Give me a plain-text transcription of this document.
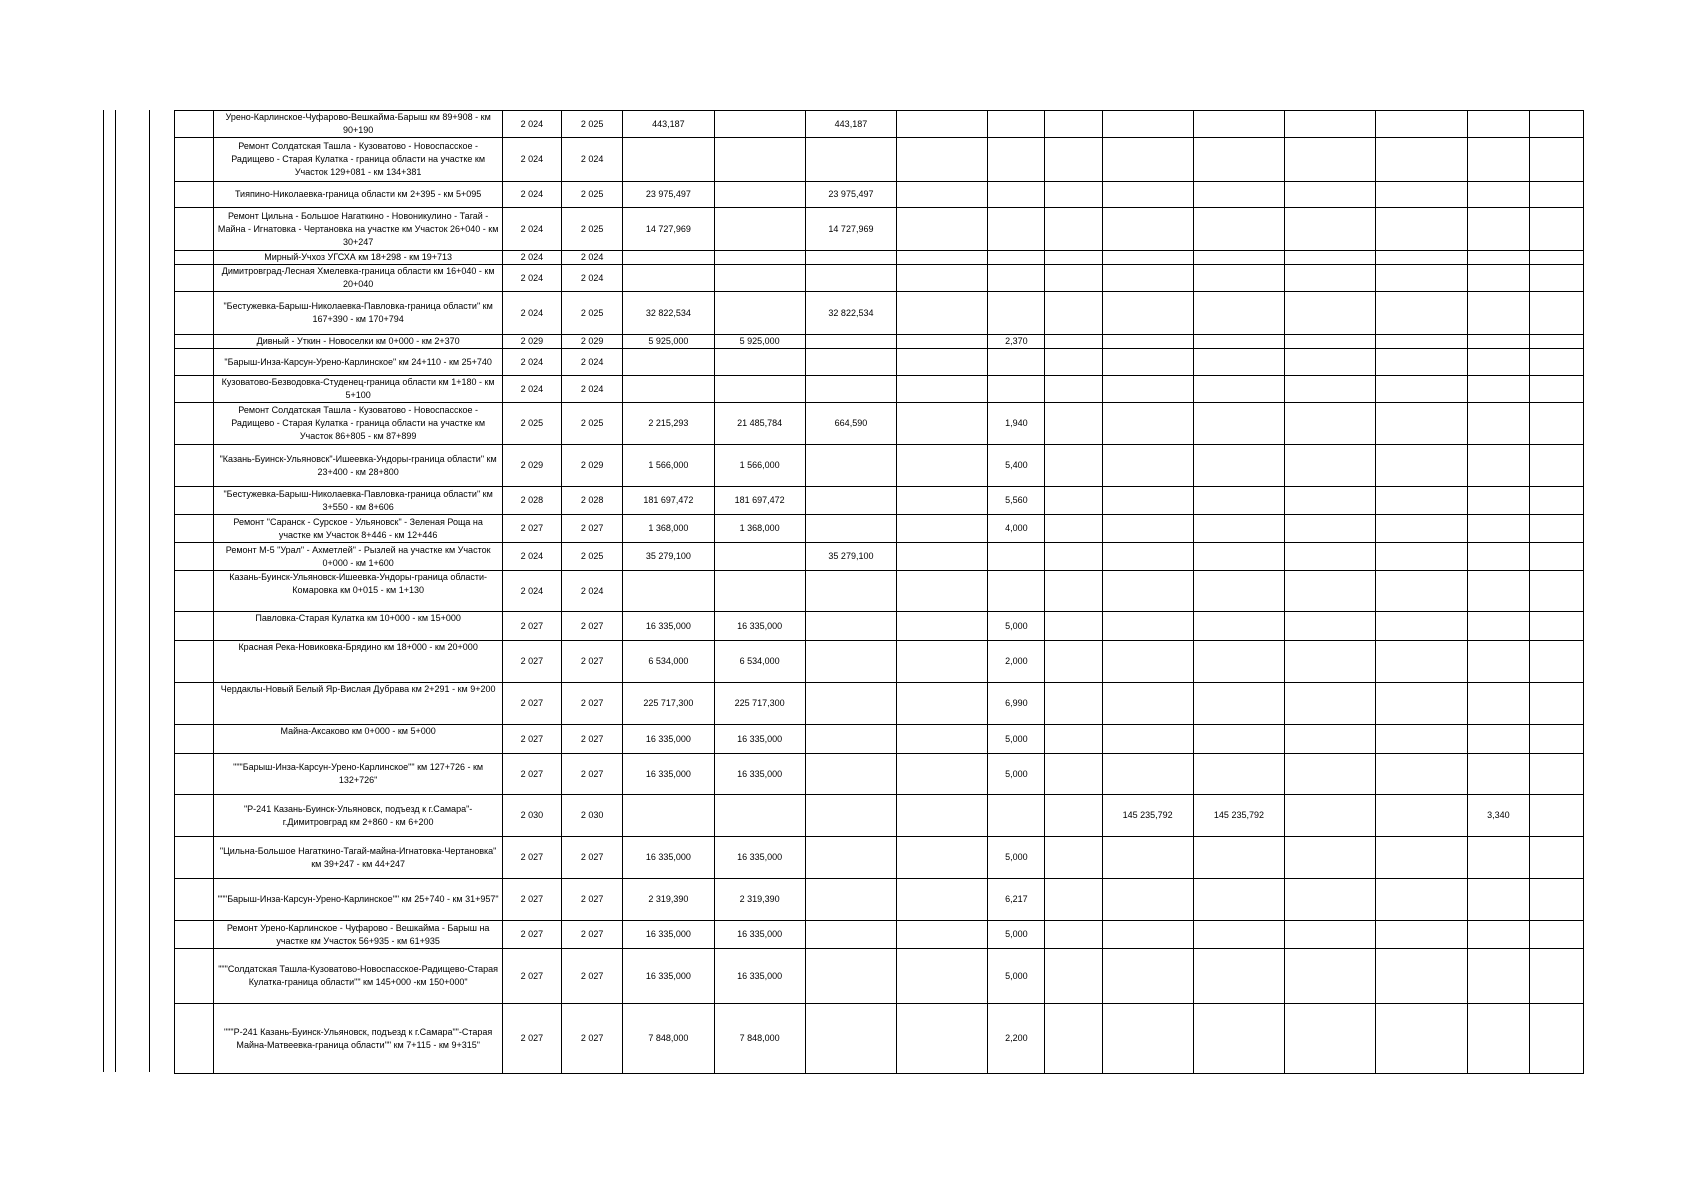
	Урено-Карлинское-Чуфарово-Вешкайма-Барыш км 89+908 - км 90+190	2 024	2 025	443,187		443,187									
	Ремонт Солдатская Ташла - Кузоватово - Новоспасское - Радищево - Старая Кулатка - граница области на участке км Участок 129+081 - км 134+381	2 024	2 024												
	Тияпино-Николаевка-граница области км 2+395 - км 5+095	2 024	2 025	23 975,497		23 975,497									
	Ремонт Цильна - Большое Нагаткино - Новоникулино - Тагай - Майна - Игнатовка - Чертановка на участке км Участок 26+040 - км 30+247	2 024	2 025	14 727,969		14 727,969									
	Мирный-Учхоз УГСХА км 18+298 - км 19+713	2 024	2 024												
	Димитровград-Лесная Хмелевка-граница области км 16+040 - км 20+040	2 024	2 024												
	"Бестужевка-Барыш-Николаевка-Павловка-граница области" км 167+390 - км 170+794	2 024	2 025	32 822,534		32 822,534									
	Дивный - Уткин - Новоселки км 0+000 - км 2+370	2 029	2 029	5 925,000	5 925,000			2,370							
	"Барыш-Инза-Карсун-Урено-Карлинское" км 24+110 - км 25+740	2 024	2 024												
	Кузоватово-Безводовка-Студенец-граница области км 1+180 - км 5+100	2 024	2 024												
	Ремонт Солдатская Ташла - Кузоватово - Новоспасское - Радищево - Старая Кулатка - граница области на участке км Участок 86+805 - км 87+899	2 025	2 025	2 215,293	21 485,784	664,590		1,940							
	"Казань-Буинск-Ульяновск"-Ишеевка-Ундоры-граница области" км 23+400 - км 28+800	2 029	2 029	1 566,000	1 566,000			5,400							
	"Бестужевка-Барыш-Николаевка-Павловка-граница области" км 3+550 - км 8+606	2 028	2 028	181 697,472	181 697,472			5,560							
	Ремонт "Саранск - Сурское - Ульяновск" - Зеленая Роща на участке км Участок 8+446 - км 12+446	2 027	2 027	1 368,000	1 368,000			4,000							
	Ремонт М-5 "Урал" - Ахметлей" - Рызлей на участке км Участок 0+000 - км 1+600	2 024	2 025	35 279,100		35 279,100									
	Казань-Буинск-Ульяновск-Ишеевка-Ундоры-граница области-Комаровка км 0+015 - км 1+130	2 024	2 024												
	Павловка-Старая Кулатка км 10+000 - км 15+000	2 027	2 027	16 335,000	16 335,000			5,000							
	Красная Река-Новиковка-Брядино км 18+000 - км 20+000	2 027	2 027	6 534,000	6 534,000			2,000							
	Чердаклы-Новый Белый Яр-Вислая Дубрава км 2+291 - км 9+200	2 027	2 027	225 717,300	225 717,300			6,990							
	Майна-Аксаково км 0+000 - км 5+000	2 027	2 027	16 335,000	16 335,000			5,000							
	"""Барыш-Инза-Карсун-Урено-Карлинское"" км 127+726 - км 132+726"	2 027	2 027	16 335,000	16 335,000			5,000							
	"Р-241 Казань-Буинск-Ульяновск, подъезд к г.Самара"-г.Димитровград км 2+860 - км 6+200	2 030	2 030							145 235,792	145 235,792			3,340	
	"Цильна-Большое Нагаткино-Тагай-майна-Игнатовка-Чертановка" км 39+247 - км 44+247	2 027	2 027	16 335,000	16 335,000			5,000							
	"""Барыш-Инза-Карсун-Урено-Карлинское"" км 25+740 - км 31+957"	2 027	2 027	2 319,390	2 319,390			6,217							
	Ремонт Урено-Карлинское - Чуфарово - Вешкайма - Барыш на участке км Участок 56+935 - км 61+935	2 027	2 027	16 335,000	16 335,000			5,000							
	"""Солдатская Ташла-Кузоватово-Новоспасское-Радищево-Старая Кулатка-граница области"" км 145+000 -км 150+000"	2 027	2 027	16 335,000	16 335,000			5,000							
	"""Р-241 Казань-Буинск-Ульяновск, подъезд к г.Самара""-Старая Майна-Матвеевка-граница области"" км 7+115 - км 9+315"	2 027	2 027	7 848,000	7 848,000			2,200							
